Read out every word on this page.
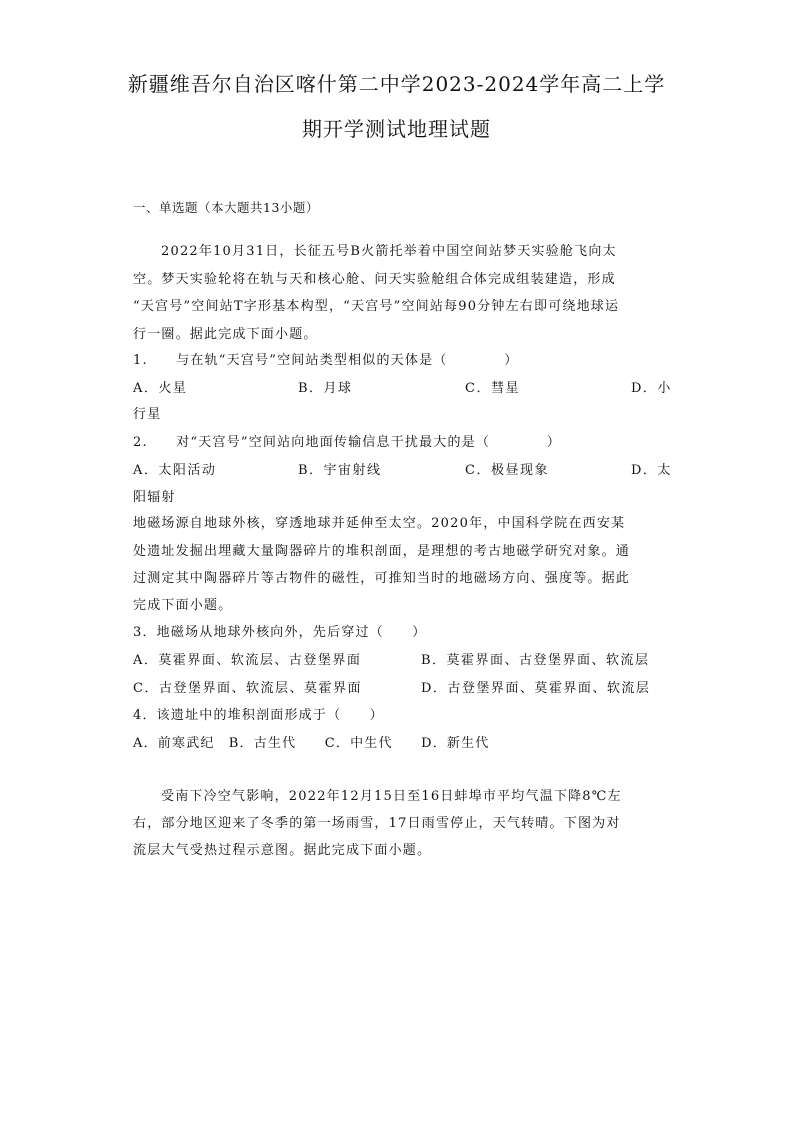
新疆维吾尔自治区喀什第二中学2023-2024学年高二上学
期开学测试地理试题
一、单选题（本大题共13小题）
2022年10月31日，长征五号B火箭托举着中国空间站梦天实验舱飞向太
空。梦天实验轮将在轨与天和核心舱、问天实验舱组合体完成组装建造，形成
“天宫号”空间站T字形基本构型，“天宫号”空间站每90分钟左右即可绕地球运
行一圈。据此完成下面小题。
1.　　与在轨“天宫号”空间站类型相似的天体是（　　　　）
A．火星	B．月球	C．彗星	D．小
行星
2.　　对“天宫号”空间站向地面传输信息干扰最大的是（　　　　）
A．太阳活动	B．宇宙射线	C．极昼现象	D．太
阳辐射
地磁场源自地球外核，穿透地球并延伸至太空。2020年，中国科学院在西安某
处遗址发掘出埋藏大量陶器碎片的堆积剖面，是理想的考古地磁学研究对象。通
过测定其中陶器碎片等古物件的磁性，可推知当时的地磁场方向、强度等。据此
完成下面小题。
3．地磁场从地球外核向外，先后穿过（　　）
A．莫霍界面、软流层、古登堡界面	B．莫霍界面、古登堡界面、软流层
C．古登堡界面、软流层、莫霍界面	D．古登堡界面、莫霍界面、软流层
4．该遗址中的堆积剖面形成于（　　）
A．前寒武纪　B．古生代　　C．中生代　　D．新生代
受南下冷空气影响，2022年12月15日至16日蚌埠市平均气温下降8℃左
右，部分地区迎来了冬季的第一场雨雪，17日雨雪停止，天气转晴。下图为对
流层大气受热过程示意图。据此完成下面小题。
